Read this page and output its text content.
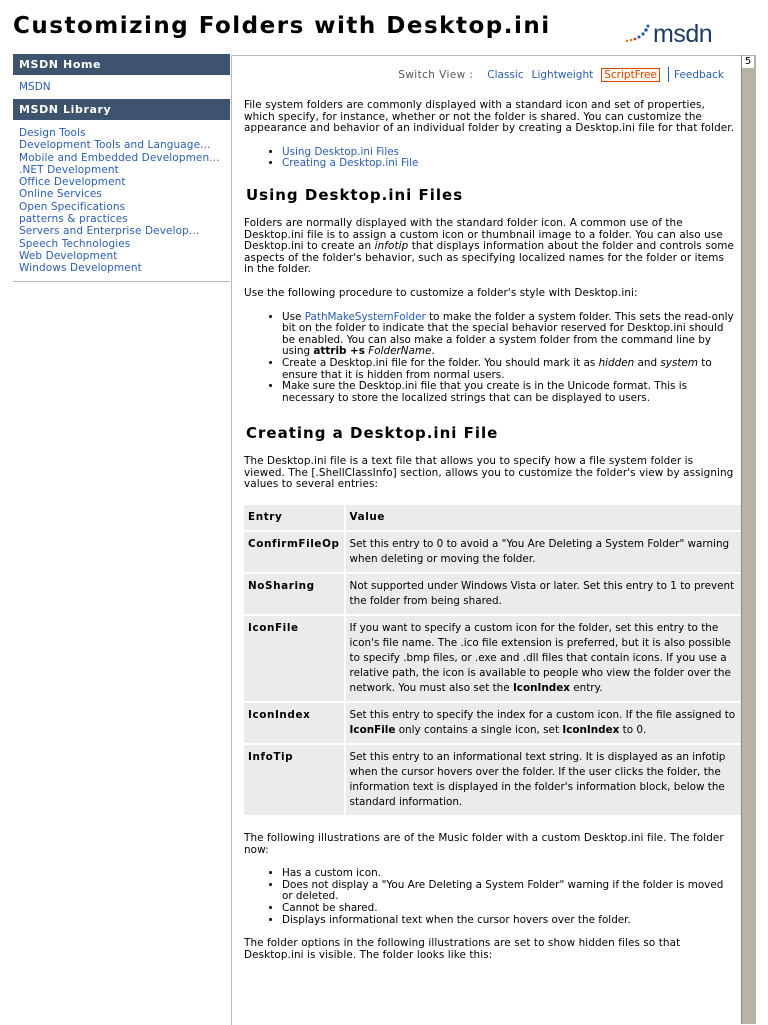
Customizing Folders with Desktop.ini	msdn
MSDN Home
MSDN
MSDN Library
Design Tools
Development Tools and Language...
Mobile and Embedded Developmen...
.NET Development
Office Development
Online Services
Open Specifications
patterns & practices
Servers and Enterprise Develop...
Speech Technologies
Web Development
Windows Development
Switch View : Classic Lightweight ScriptFree Feedback

File system folders are commonly displayed with a standard icon and set of properties, which specify, for instance, whether or not the folder is shared. You can customize the appearance and behavior of an individual folder by creating a Desktop.ini file for that folder.

• Using Desktop.ini Files
• Creating a Desktop.ini File
Using Desktop.ini Files

Folders are normally displayed with the standard folder icon. A common use of the Desktop.ini file is to assign a custom icon or thumbnail image to a folder. You can also use Desktop.ini to create an infotip that displays information about the folder and controls some aspects of the folder's behavior, such as specifying localized names for the folder or items in the folder.

Use the following procedure to customize a folder's style with Desktop.ini:

• Use PathMakeSystemFolder to make the folder a system folder. This sets the read-only bit on the folder to indicate that the special behavior reserved for Desktop.ini should be enabled. You can also make a folder a system folder from the command line by using attrib +s FolderName.
• Create a Desktop.ini file for the folder. You should mark it as hidden and system to ensure that it is hidden from normal users.
• Make sure the Desktop.ini file that you create is in the Unicode format. This is necessary to store the localized strings that can be displayed to users.
Creating a Desktop.ini File

The Desktop.ini file is a text file that allows you to specify how a file system folder is viewed. The [.ShellClassInfo] section, allows you to customize the folder's view by assigning values to several entries:

Entry	Value
ConfirmFileOp	Set this entry to 0 to avoid a "You Are Deleting a System Folder" warning when deleting or moving the folder.
NoSharing	Not supported under Windows Vista or later. Set this entry to 1 to prevent the folder from being shared.
IconFile	If you want to specify a custom icon for the folder, set this entry to the icon's file name. The .ico file extension is preferred, but it is also possible to specify .bmp files, or .exe and .dll files that contain icons. If you use a relative path, the icon is available to people who view the folder over the network. You must also set the IconIndex entry.
IconIndex	Set this entry to specify the index for a custom icon. If the file assigned to IconFile only contains a single icon, set IconIndex to 0.
InfoTip	Set this entry to an informational text string. It is displayed as an infotip when the cursor hovers over the folder. If the user clicks the folder, the information text is displayed in the folder's information block, below the standard information.

The following illustrations are of the Music folder with a custom Desktop.ini file. The folder now:

• Has a custom icon.
• Does not display a "You Are Deleting a System Folder" warning if the folder is moved or deleted.
• Cannot be shared.
• Displays informational text when the cursor hovers over the folder.

The folder options in the following illustrations are set to show hidden files so that Desktop.ini is visible. The folder looks like this:

5
